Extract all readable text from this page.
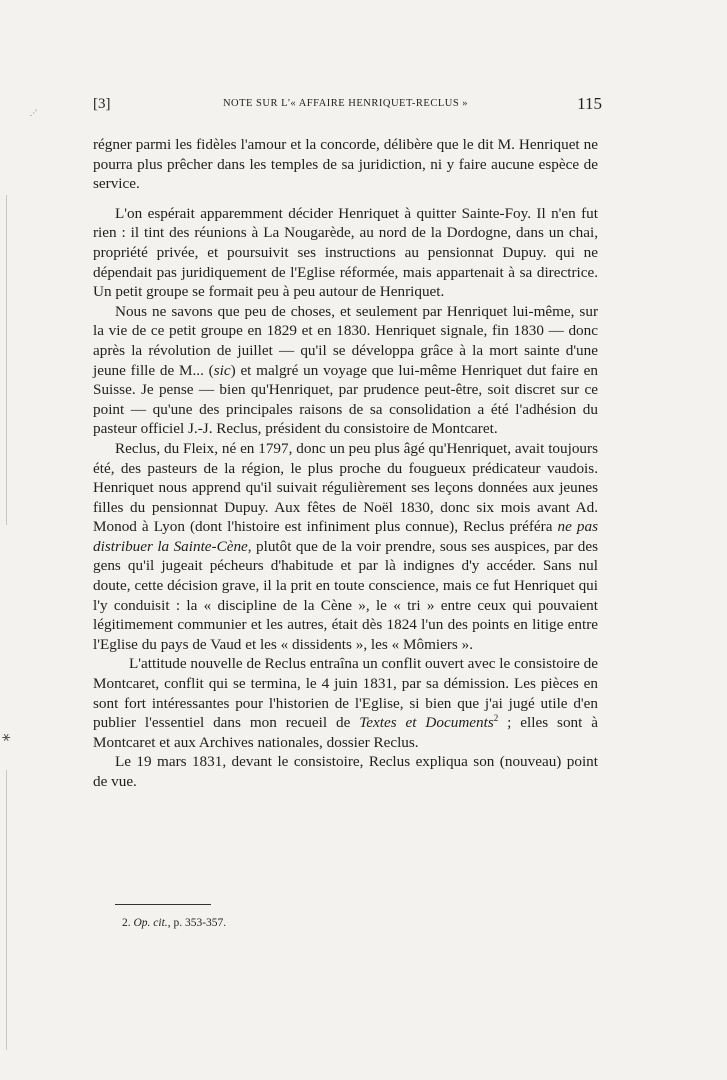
.·'
⚹
[3]	NOTE SUR L'« AFFAIRE HENRIQUET-RECLUS »	115

régner parmi les fidèles l'amour et la concorde, délibère que le dit M. Henriquet ne pourra plus prêcher dans les temples de sa juridiction, ni y faire aucune espèce de service.

L'on espérait apparemment décider Henriquet à quitter Sainte-Foy. Il n'en fut rien : il tint des réunions à La Nougarède, au nord de la Dordogne, dans un chai, propriété privée, et poursuivit ses instructions au pensionnat Dupuy. qui ne dépendait pas juridiquement de l'Eglise réformée, mais appartenait à sa directrice. Un petit groupe se formait peu à peu autour de Henriquet.

Nous ne savons que peu de choses, et seulement par Henriquet lui-même, sur la vie de ce petit groupe en 1829 et en 1830. Henriquet signale, fin 1830 — donc après la révolution de juillet — qu'il se développa grâce à la mort sainte d'une jeune fille de M... (sic) et malgré un voyage que lui-même Henriquet dut faire en Suisse. Je pense — bien qu'Henriquet, par prudence peut-être, soit discret sur ce point — qu'une des principales raisons de sa consolidation a été l'adhésion du pasteur officiel J.-J. Reclus, président du consistoire de Montcaret.

Reclus, du Fleix, né en 1797, donc un peu plus âgé qu'Henriquet, avait toujours été, des pasteurs de la région, le plus proche du fougueux prédicateur vaudois. Henriquet nous apprend qu'il suivait régulièrement ses leçons données aux jeunes filles du pensionnat Dupuy. Aux fêtes de Noël 1830, donc six mois avant Ad. Monod à Lyon (dont l'histoire est infiniment plus connue), Reclus préféra ne pas distribuer la Sainte-Cène, plutôt que de la voir prendre, sous ses auspices, par des gens qu'il jugeait pécheurs d'habitude et par là indignes d'y accéder. Sans nul doute, cette décision grave, il la prit en toute conscience, mais ce fut Henriquet qui l'y conduisit : la « discipline de la Cène », le « tri » entre ceux qui pouvaient légitimement communier et les autres, était dès 1824 l'un des points en litige entre l'Eglise du pays de Vaud et les « dissidents », les « Mômiers ».

L'attitude nouvelle de Reclus entraîna un conflit ouvert avec le consistoire de Montcaret, conflit qui se termina, le 4 juin 1831, par sa démission. Les pièces en sont fort intéressantes pour l'historien de l'Eglise, si bien que j'ai jugé utile d'en publier l'essentiel dans mon recueil de Textes et Documents$^2$ ; elles sont à Montcaret et aux Archives nationales, dossier Reclus.

Le 19 mars 1831, devant le consistoire, Reclus expliqua son (nouveau) point de vue.

2. Op. cit., p. 353-357.
